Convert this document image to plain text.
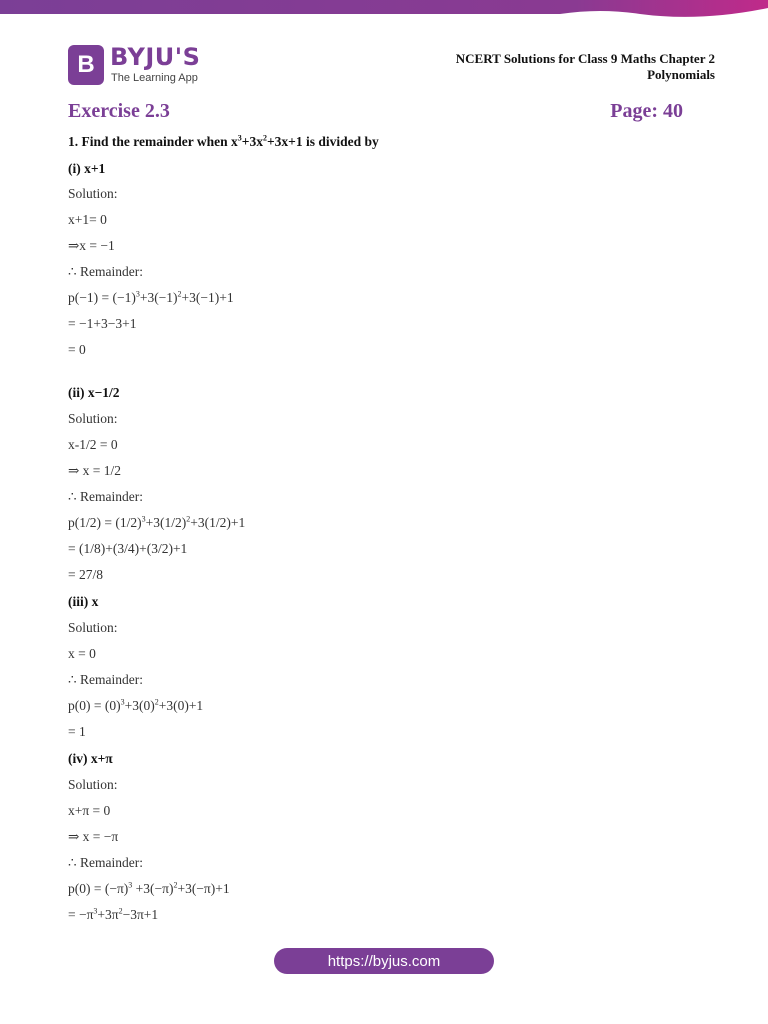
B BYJU'S
The Learning App
NCERT Solutions for Class 9 Maths Chapter 2
Polynomials
Exercise 2.3	Page: 40
1. Find the remainder when $x^3+3x^2+3x+1$ is divided by
(i) x+1
Solution:
x+1= 0
⇒x = −1
∴ Remainder:
$p(-1) = (-1)^3+3(-1)^2+3(-1)+1$
= −1+3−3+1
= 0
(ii) x−1/2
Solution:
x-1/2 = 0
⇒ x = 1/2
∴ Remainder:
$p(1/2) = (1/2)^3+3(1/2)^2+3(1/2)+1$
= (1/8)+(3/4)+(3/2)+1
= 27/8
(iii) x
Solution:
x = 0
∴ Remainder:
$p(0) = (0)^3+3(0)^2+3(0)+1$
= 1
(iv) x+π
Solution:
x+π = 0
⇒ x = −π
∴ Remainder:
$p(0) = (-\pi)^3 +3(-\pi)^2+3(-\pi)+1$
= $-\pi^3+3\pi^2-3\pi+1$
https://byjus.com
